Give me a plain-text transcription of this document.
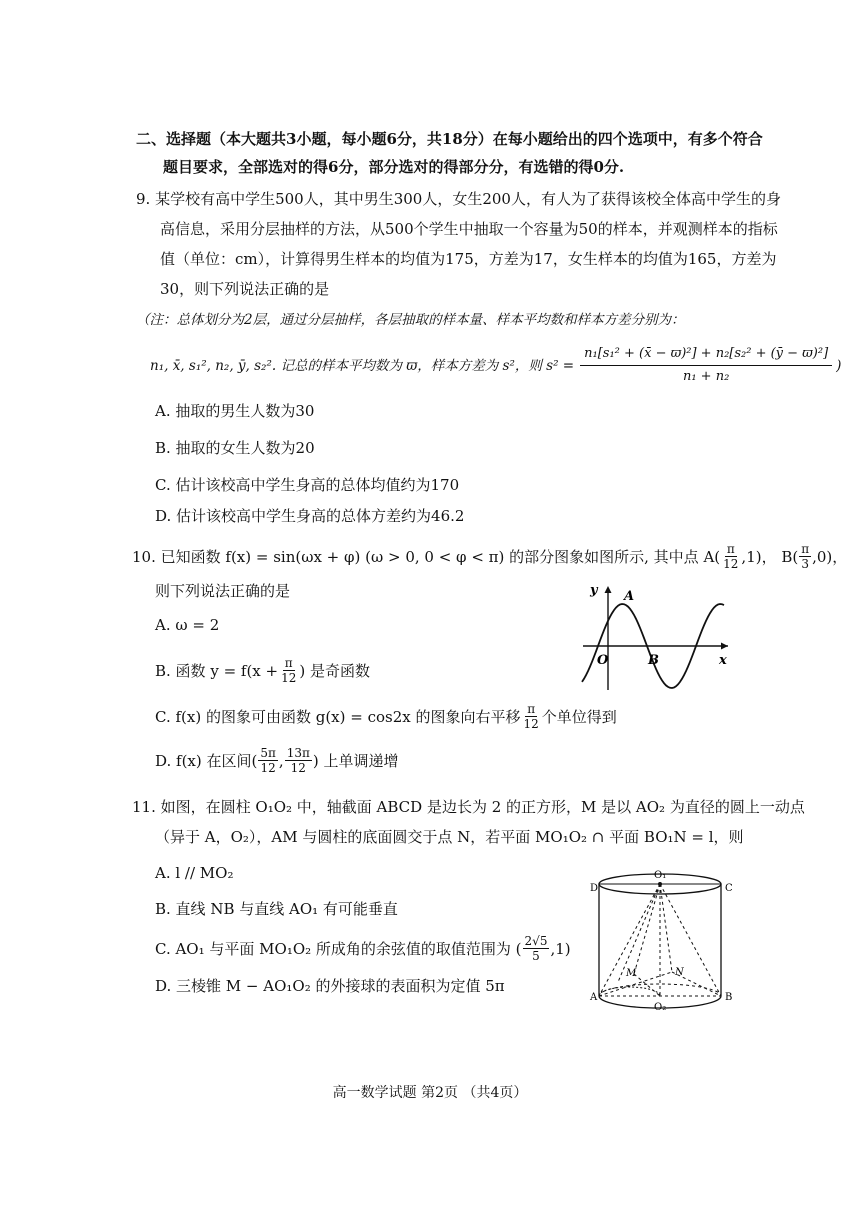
二、选择题（本大题共3小题，每小题6分，共18分）在每小题给出的四个选项中，有多个符合
题目要求，全部选对的得6分，部分选对的得部分分，有选错的得0分.
9. 某学校有高中学生500人，其中男生300人，女生200人，有人为了获得该校全体高中学生的身
高信息，采用分层抽样的方法，从500个学生中抽取一个容量为50的样本，并观测样本的指标
值（单位：cm），计算得男生样本的均值为175，方差为17，女生样本的均值为165，方差为
30，则下列说法正确的是
（注：总体划分为2层，通过分层抽样，各层抽取的样本量、样本平均数和样本方差分别为：
n₁, x̄, s₁², n₂, ȳ, s₂². 记总的样本平均数为 ϖ，样本方差为 s²，则 $s^2 = \frac{\text{n₁[s₁² + (x̄ − ϖ)²] + n₂[s₂² + (ȳ − ϖ)²]}}{\text{n₁ + n₂}}$ )
A. 抽取的男生人数为30
B. 抽取的女生人数为20
C. 估计该校高中学生身高的总体均值约为170
D. 估计该校高中学生身高的总体方差约为46.2
10. 已知函数 f(x) = sin(ωx + φ) (ω > 0, 0 < φ < π) 的部分图象如图所示, 其中点 $A( \frac{\pi}{12} ,1)$， $B( \frac{\pi}{3} ,0)$，
则下列说法正确的是
A. ω = 2
B. 函数 $y = f(x + \frac{\pi}{12}$ ) 是奇函数
C. f(x) 的图象可由函数 g(x) = cos2x 的图象向右平移 $\frac{\pi}{12}$ 个单位得到
D. f(x) 在区间( $\frac{5\pi}{12}$ , $\frac{13\pi}{12}$ ) 上单调递增
y A
O	B	x
11. 如图，在圆柱 O₁O₂ 中，轴截面 ABCD 是边长为 2 的正方形，M 是以 AO₂ 为直径的圆上一动点
（异于 A，O₂），AM 与圆柱的底面圆交于点 N，若平面 MO₁O₂ ∩ 平面 BO₁N = l，则
A. l // MO₂
B. 直线 NB 与直线 AO₁ 有可能垂直
C. AO₁ 与平面 MO₁O₂ 所成角的余弦值的取值范围为 ( $\frac{2√5}{5} ,1$)
D. 三棱锥 M − AO₁O₂ 的外接球的表面积为定值 5π
D
O₁
C
A	B
M	N
O₂
高一数学试题 第2页 （共4页）
